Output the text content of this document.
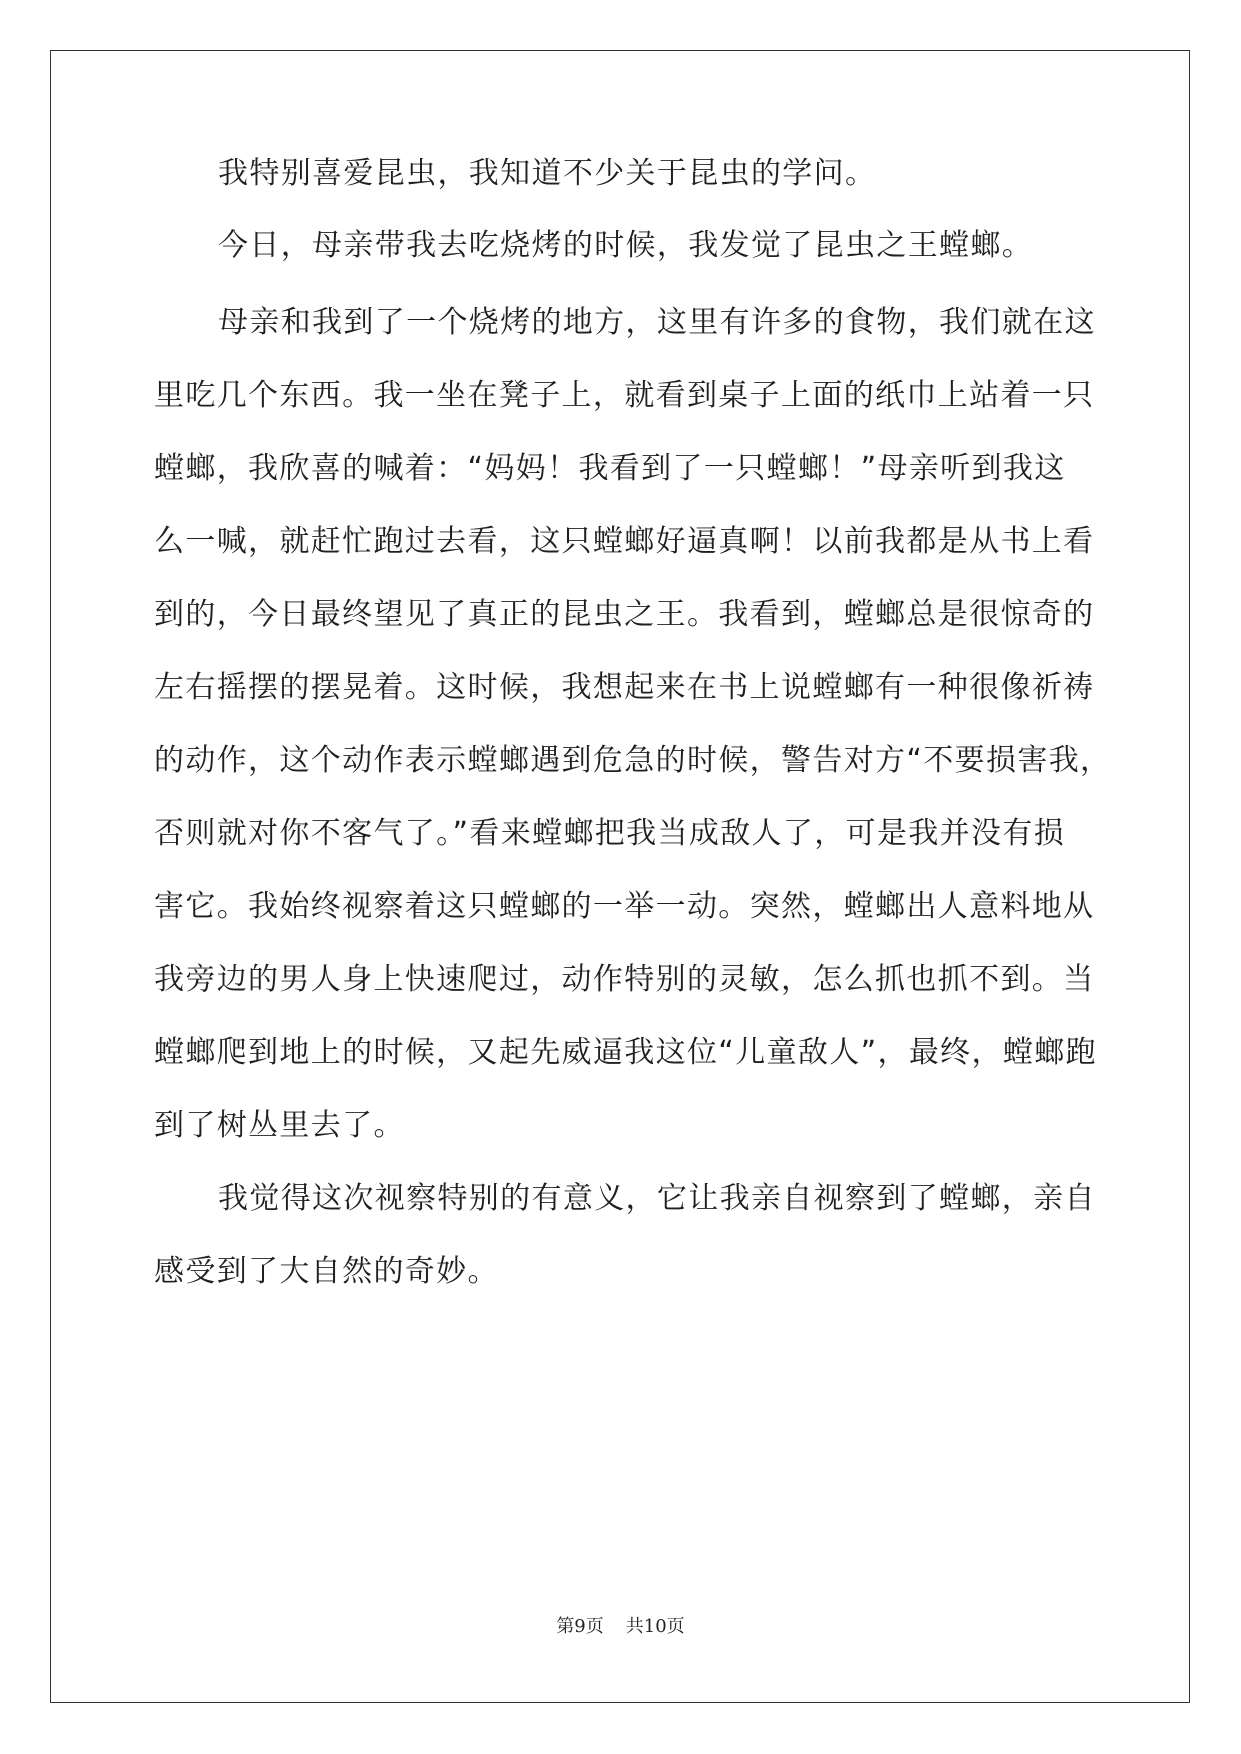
我特别喜爱昆虫，我知道不少关于昆虫的学问。
今日，母亲带我去吃烧烤的时候，我发觉了昆虫之王螳螂。
母亲和我到了一个烧烤的地方，这里有许多的食物，我们就在这
里吃几个东西。我一坐在凳子上，就看到桌子上面的纸巾上站着一只
螳螂，我欣喜的喊着：“妈妈！我看到了一只螳螂！”母亲听到我这
么一喊，就赶忙跑过去看，这只螳螂好逼真啊！以前我都是从书上看
到的，今日最终望见了真正的昆虫之王。我看到，螳螂总是很惊奇的
左右摇摆的摆晃着。这时候，我想起来在书上说螳螂有一种很像祈祷
的动作，这个动作表示螳螂遇到危急的时候，警告对方“不要损害我，
否则就对你不客气了。”看来螳螂把我当成敌人了，可是我并没有损
害它。我始终视察着这只螳螂的一举一动。突然，螳螂出人意料地从
我旁边的男人身上快速爬过，动作特别的灵敏，怎么抓也抓不到。当
螳螂爬到地上的时候，又起先威逼我这位“儿童敌人”，最终，螳螂跑
到了树丛里去了。
我觉得这次视察特别的有意义，它让我亲自视察到了螳螂，亲自
感受到了大自然的奇妙。
第9页 共10页
